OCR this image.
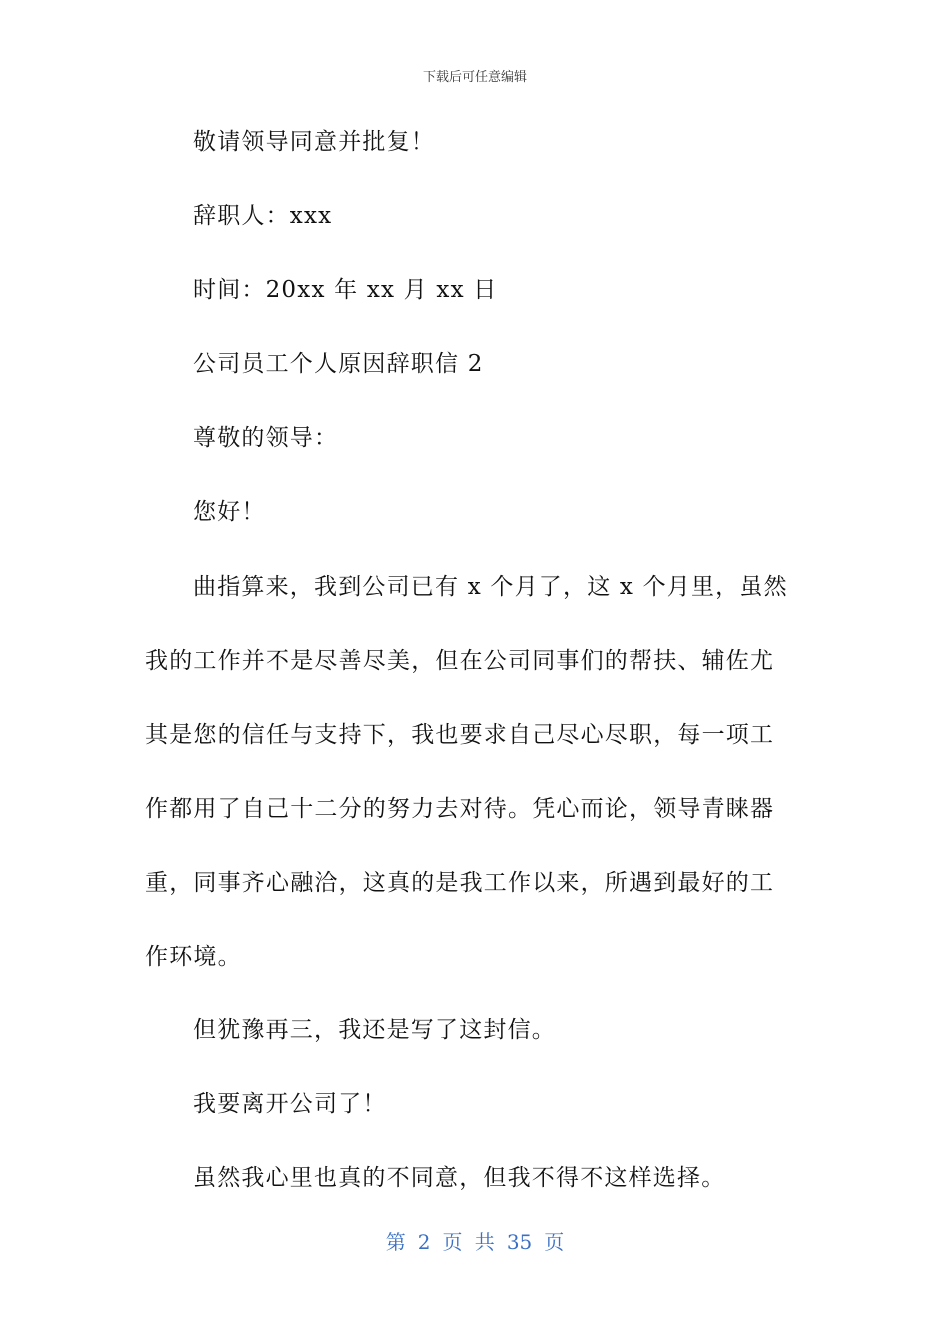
下载后可任意编辑

敬请领导同意并批复！

辞职人：xxx

时间：20xx 年 xx 月 xx 日

公司员工个人原因辞职信 2

尊敬的领导：

您好！

曲指算来，我到公司已有 x 个月了，这 x 个月里，虽然我的工作并不是尽善尽美，但在公司同事们的帮扶、辅佐尤其是您的信任与支持下，我也要求自己尽心尽职，每一项工作都用了自己十二分的努力去对待。凭心而论，领导青睐器重，同事齐心融洽，这真的是我工作以来，所遇到最好的工作环境。

但犹豫再三，我还是写了这封信。

我要离开公司了！

虽然我心里也真的不同意，但我不得不这样选择。

第 2 页 共 35 页
